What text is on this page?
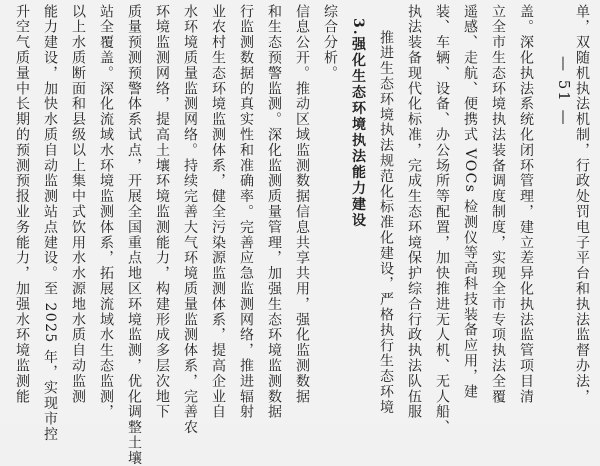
升空气质量中长期的预测预报业务能力，加强水环境监测能 能力建设，加快水质自动监测站点建设。至 2025 年，实现市控 以上水质断面和县级以上集中式饮用水水源地水质自动监测 站全覆盖。深化流域水环境监测体系，拓展流域水生态监测， 质量预测预警体系试点，开展全国重点地区环境监测，优化调整土壤 环境监测网络，提高土壤环境监测能力，构建形成多层次地下 水环境质量监测网络。持续完善大气环境质量监测体系，完善农 业农村生态环境监测体系，健全污染源监测体系，提高企业自 行监测数据的真实性和准确率。完善应急监测网络，推进辐射 和生态预警监测。深化监测质量管理，加强生态环境监测数据 信息公开。推动区域监测数据信息共享共用，强化监测数据 综合分析。 3.强化生态环境执法能力建设 推进生态环境执法规范化标准化建设，严格执行生态环境 执法装备现代化标准，完成生态环境保护综合行政执法队伍服 装、车辆、设备、办公场所等配置，加快推进无人机、无人船、 遥感、走航、便携式 VOCs 检测仪等高科技装备应用，建 立全市生态环境执法装备调度制度，实现全市专项执法全覆 盖。深化执法系统化闭环管理，建立差异化执法监管项目清	单，双随机执法机制，行政处罚电子平台和执法监督办法，
— 51 —
